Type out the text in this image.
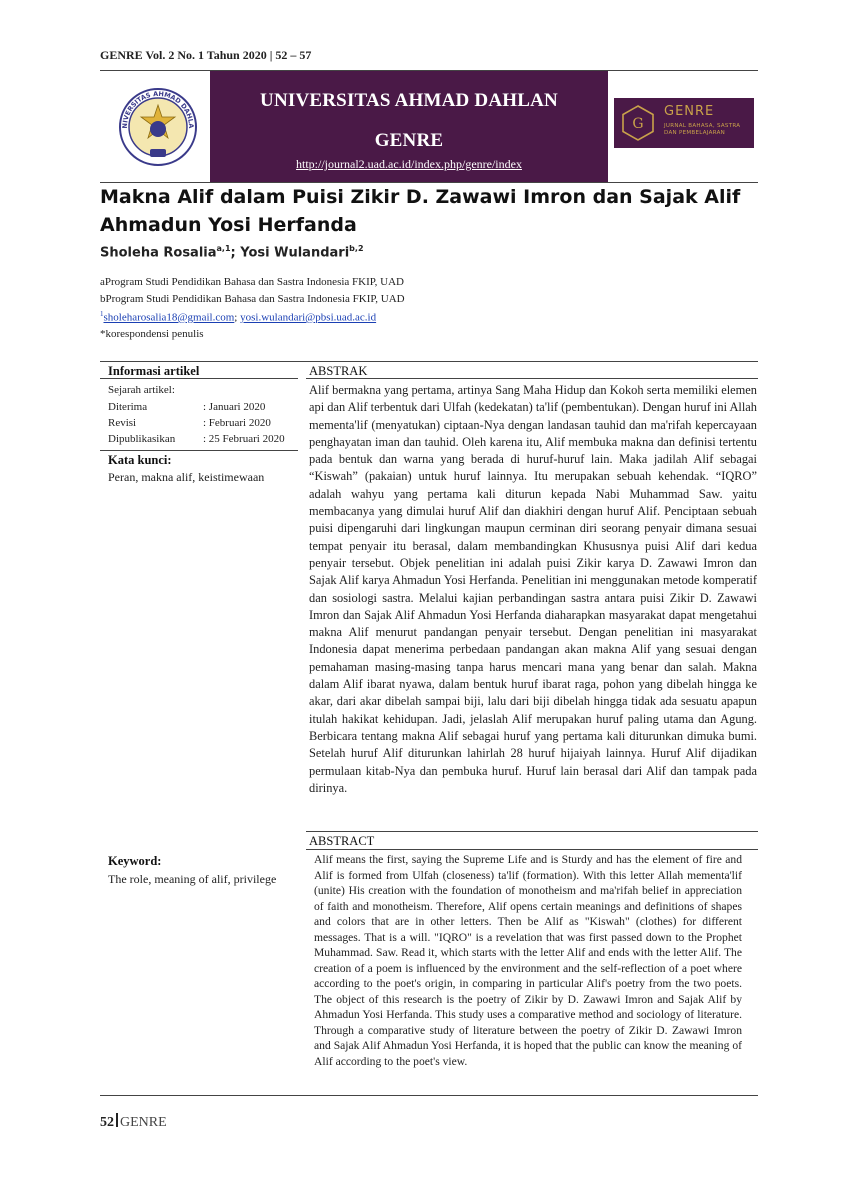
GENRE Vol. 2 No. 1 Tahun 2020 | 52 – 57
NIVERSITAS AHMAD DAHLA
UNIVERSITAS AHMAD DAHLAN
GENRE
http://journal2.uad.ac.id/index.php/genre/index
G
GENRE
JURNAL BAHASA, SASTRA DAN PEMBELAJARAN
Makna Alif dalam Puisi Zikir D. Zawawi Imron dan Sajak Alif
Ahmadun Yosi Herfanda
Sholeha Rosalia$^{a,1}$; Yosi Wulandari$^{b,2}$
aProgram Studi Pendidikan Bahasa dan Sastra Indonesia FKIP, UAD
bProgram Studi Pendidikan Bahasa dan Sastra Indonesia FKIP, UAD
$^1$sholeharosalia18@gmail.com; yosi.wulandari@pbsi.uad.ac.id
*korespondensi penulis
Informasi artikel
Sejarah artikel:
Diterima	: Januari 2020
Revisi	: Februari 2020
Dipublikasikan	: 25 Februari 2020
Kata kunci:
Peran, makna alif, keistimewaan
Keyword:
The role, meaning of alif, privilege
ABSTRAK
Alif bermakna yang pertama, artinya Sang Maha Hidup dan Kokoh serta memiliki elemen api dan Alif terbentuk dari Ulfah (kedekatan) ta'lif (pembentukan). Dengan huruf ini Allah mementa'lif (menyatukan) ciptaan-Nya dengan landasan tauhid dan ma'rifah kepercayaan penghayatan iman dan tauhid. Oleh karena itu, Alif membuka makna dan definisi tertentu pada bentuk dan warna yang berada di huruf-huruf lain. Maka jadilah Alif sebagai “Kiswah” (pakaian) untuk huruf lainnya. Itu merupakan sebuah kehendak. “IQRO” adalah wahyu yang pertama kali diturun kepada Nabi Muhammad Saw. yaitu membacanya yang dimulai huruf Alif dan diakhiri dengan huruf Alif. Penciptaan sebuah puisi dipengaruhi dari lingkungan maupun cerminan diri seorang penyair dimana sesuai tempat penyair itu berasal, dalam membandingkan Khususnya puisi Alif dari kedua penyair tersebut. Objek penelitian ini adalah puisi Zikir karya D. Zawawi Imron dan Sajak Alif karya Ahmadun Yosi Herfanda. Penelitian ini menggunakan metode komperatif dan sosiologi sastra. Melalui kajian perbandingan sastra antara puisi Zikir D. Zawawi Imron dan Sajak Alif Ahmadun Yosi Herfanda diaharapkan masyarakat dapat mengetahui makna Alif menurut pandangan penyair tersebut. Dengan penelitian ini masyarakat Indonesia dapat menerima perbedaan pandangan akan makna Alif yang sesuai dengan pemahaman masing-masing tanpa harus mencari mana yang benar dan salah. Makna dalam Alif ibarat nyawa, dalam bentuk huruf ibarat raga, pohon yang dibelah hingga ke akar, dari akar dibelah sampai biji, lalu dari biji dibelah hingga tidak ada sesuatu apapun itulah hakikat kehidupan. Jadi, jelaslah Alif merupakan huruf paling utama dan Agung. Berbicara tentang makna Alif sebagai huruf yang pertama kali diturunkan dimuka bumi. Setelah huruf Alif diturunkan lahirlah 28 huruf hijaiyah lainnya. Huruf Alif dijadikan permulaan kitab-Nya dan pembuka huruf. Huruf lain berasal dari Alif dan tampak pada dirinya.
ABSTRACT
Alif means the first, saying the Supreme Life and is Sturdy and has the element of fire and Alif is formed from Ulfah (closeness) ta'lif (formation). With this letter Allah mementa'lif (unite) His creation with the foundation of monotheism and ma'rifah belief in appreciation of faith and monotheism. Therefore, Alif opens certain meanings and definitions of shapes and colors that are in other letters. Then be Alif as "Kiswah" (clothes) for different messages. That is a will. "IQRO" is a revelation that was first passed down to the Prophet Muhammad. Saw. Read it, which starts with the letter Alif and ends with the letter Alif. The creation of a poem is influenced by the environment and the self-reflection of a poet where according to the poet's origin, in comparing in particular Alif's poetry from the two poets. The object of this research is the poetry of Zikir by D. Zawawi Imron and Sajak Alif by Ahmadun Yosi Herfanda. This study uses a comparative method and sociology of literature. Through a comparative study of literature between the poetry of Zikir D. Zawawi Imron and Sajak Alif Ahmadun Yosi Herfanda, it is hoped that the public can know the meaning of Alif according to the poet's view.
52 GENRE
